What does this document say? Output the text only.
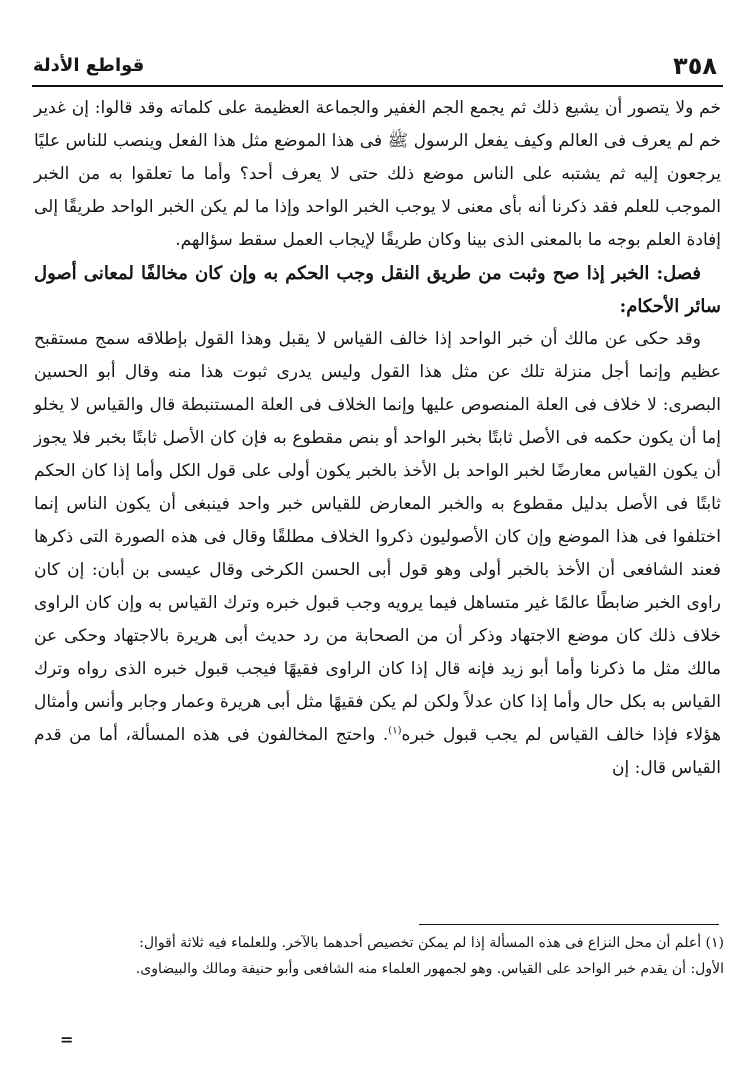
قواطع الأدلة	٣٥٨

خم ولا يتصور أن يشيع ذلك ثم يجمع الجم الغفير والجماعة العظيمة على كلماته وقد قالوا: إن غدير خم لم يعرف فى العالم وكيف يفعل الرسول ﷺ فى هذا الموضع مثل هذا الفعل وينصب للناس عليًا يرجعون إليه ثم يشتبه على الناس موضع ذلك حتى لا يعرف أحد؟ وأما ما تعلقوا به من الخبر الموجب للعلم فقد ذكرنا أنه بأى معنى لا يوجب الخبر الواحد وإذا ما لم يكن الخبر الواحد طريقًا إلى إفادة العلم بوجه ما بالمعنى الذى بينا وكان طريقًا لإيجاب العمل سقط سؤالهم.

فصل: الخبر إذا صح وثبت من طريق النقل وجب الحكم به وإن كان مخالفًا لمعانى أصول سائر الأحكام:

وقد حكى عن مالك أن خبر الواحد إذا خالف القياس لا يقبل وهذا القول بإطلاقه سمج مستقبح عظيم وإنما أجل منزلة تلك عن مثل هذا القول وليس يدرى ثبوت هذا منه وقال أبو الحسين البصرى: لا خلاف فى العلة المنصوص عليها وإنما الخلاف فى العلة المستنبطة قال والقياس لا يخلو إما أن يكون حكمه فى الأصل ثابتًا بخبر الواحد أو بنص مقطوع به فإن كان الأصل ثابتًا بخبر فلا يجوز أن يكون القياس معارضًا لخبر الواحد بل الأخذ بالخبر يكون أولى على قول الكل وأما إذا كان الحكم ثابتًا فى الأصل بدليل مقطوع به والخبر المعارض للقياس خبر واحد فينبغى أن يكون الناس إنما اختلفوا فى هذا الموضع وإن كان الأصوليون ذكروا الخلاف مطلقًا وقال فى هذه الصورة التى ذكرها فعند الشافعى أن الأخذ بالخبر أولى وهو قول أبى الحسن الكرخى وقال عيسى بن أبان: إن كان راوى الخبر ضابطًا عالمًا غير متساهل فيما يرويه وجب قبول خبره وترك القياس به وإن كان الراوى خلاف ذلك كان موضع الاجتهاد وذكر أن من الصحابة من رد حديث أبى هريرة بالاجتهاد وحكى عن مالك مثل ما ذكرنا وأما أبو زيد فإنه قال إذا كان الراوى فقيهًا فيجب قبول خبره الذى رواه وترك القياس به بكل حال وأما إذا كان عدلاً ولكن لم يكن فقيهًا مثل أبى هريرة وعمار وجابر وأنس وأمثال هؤلاء فإذا خالف القياس لم يجب قبول خبره$^{(١)}$. واحتج المخالفون فى هذه المسألة، أما من قدم القياس قال: إن

(١) أعلم أن محل النزاع فى هذه المسألة إذا لم يمكن تخصيص أحدهما بالآخر. وللعلماء فيه ثلاثة أقوال:

الأول: أن يقدم خبر الواحد على القياس. وهو لجمهور العلماء منه الشافعى وأبو حنيفة ومالك والبيضاوى.

=
